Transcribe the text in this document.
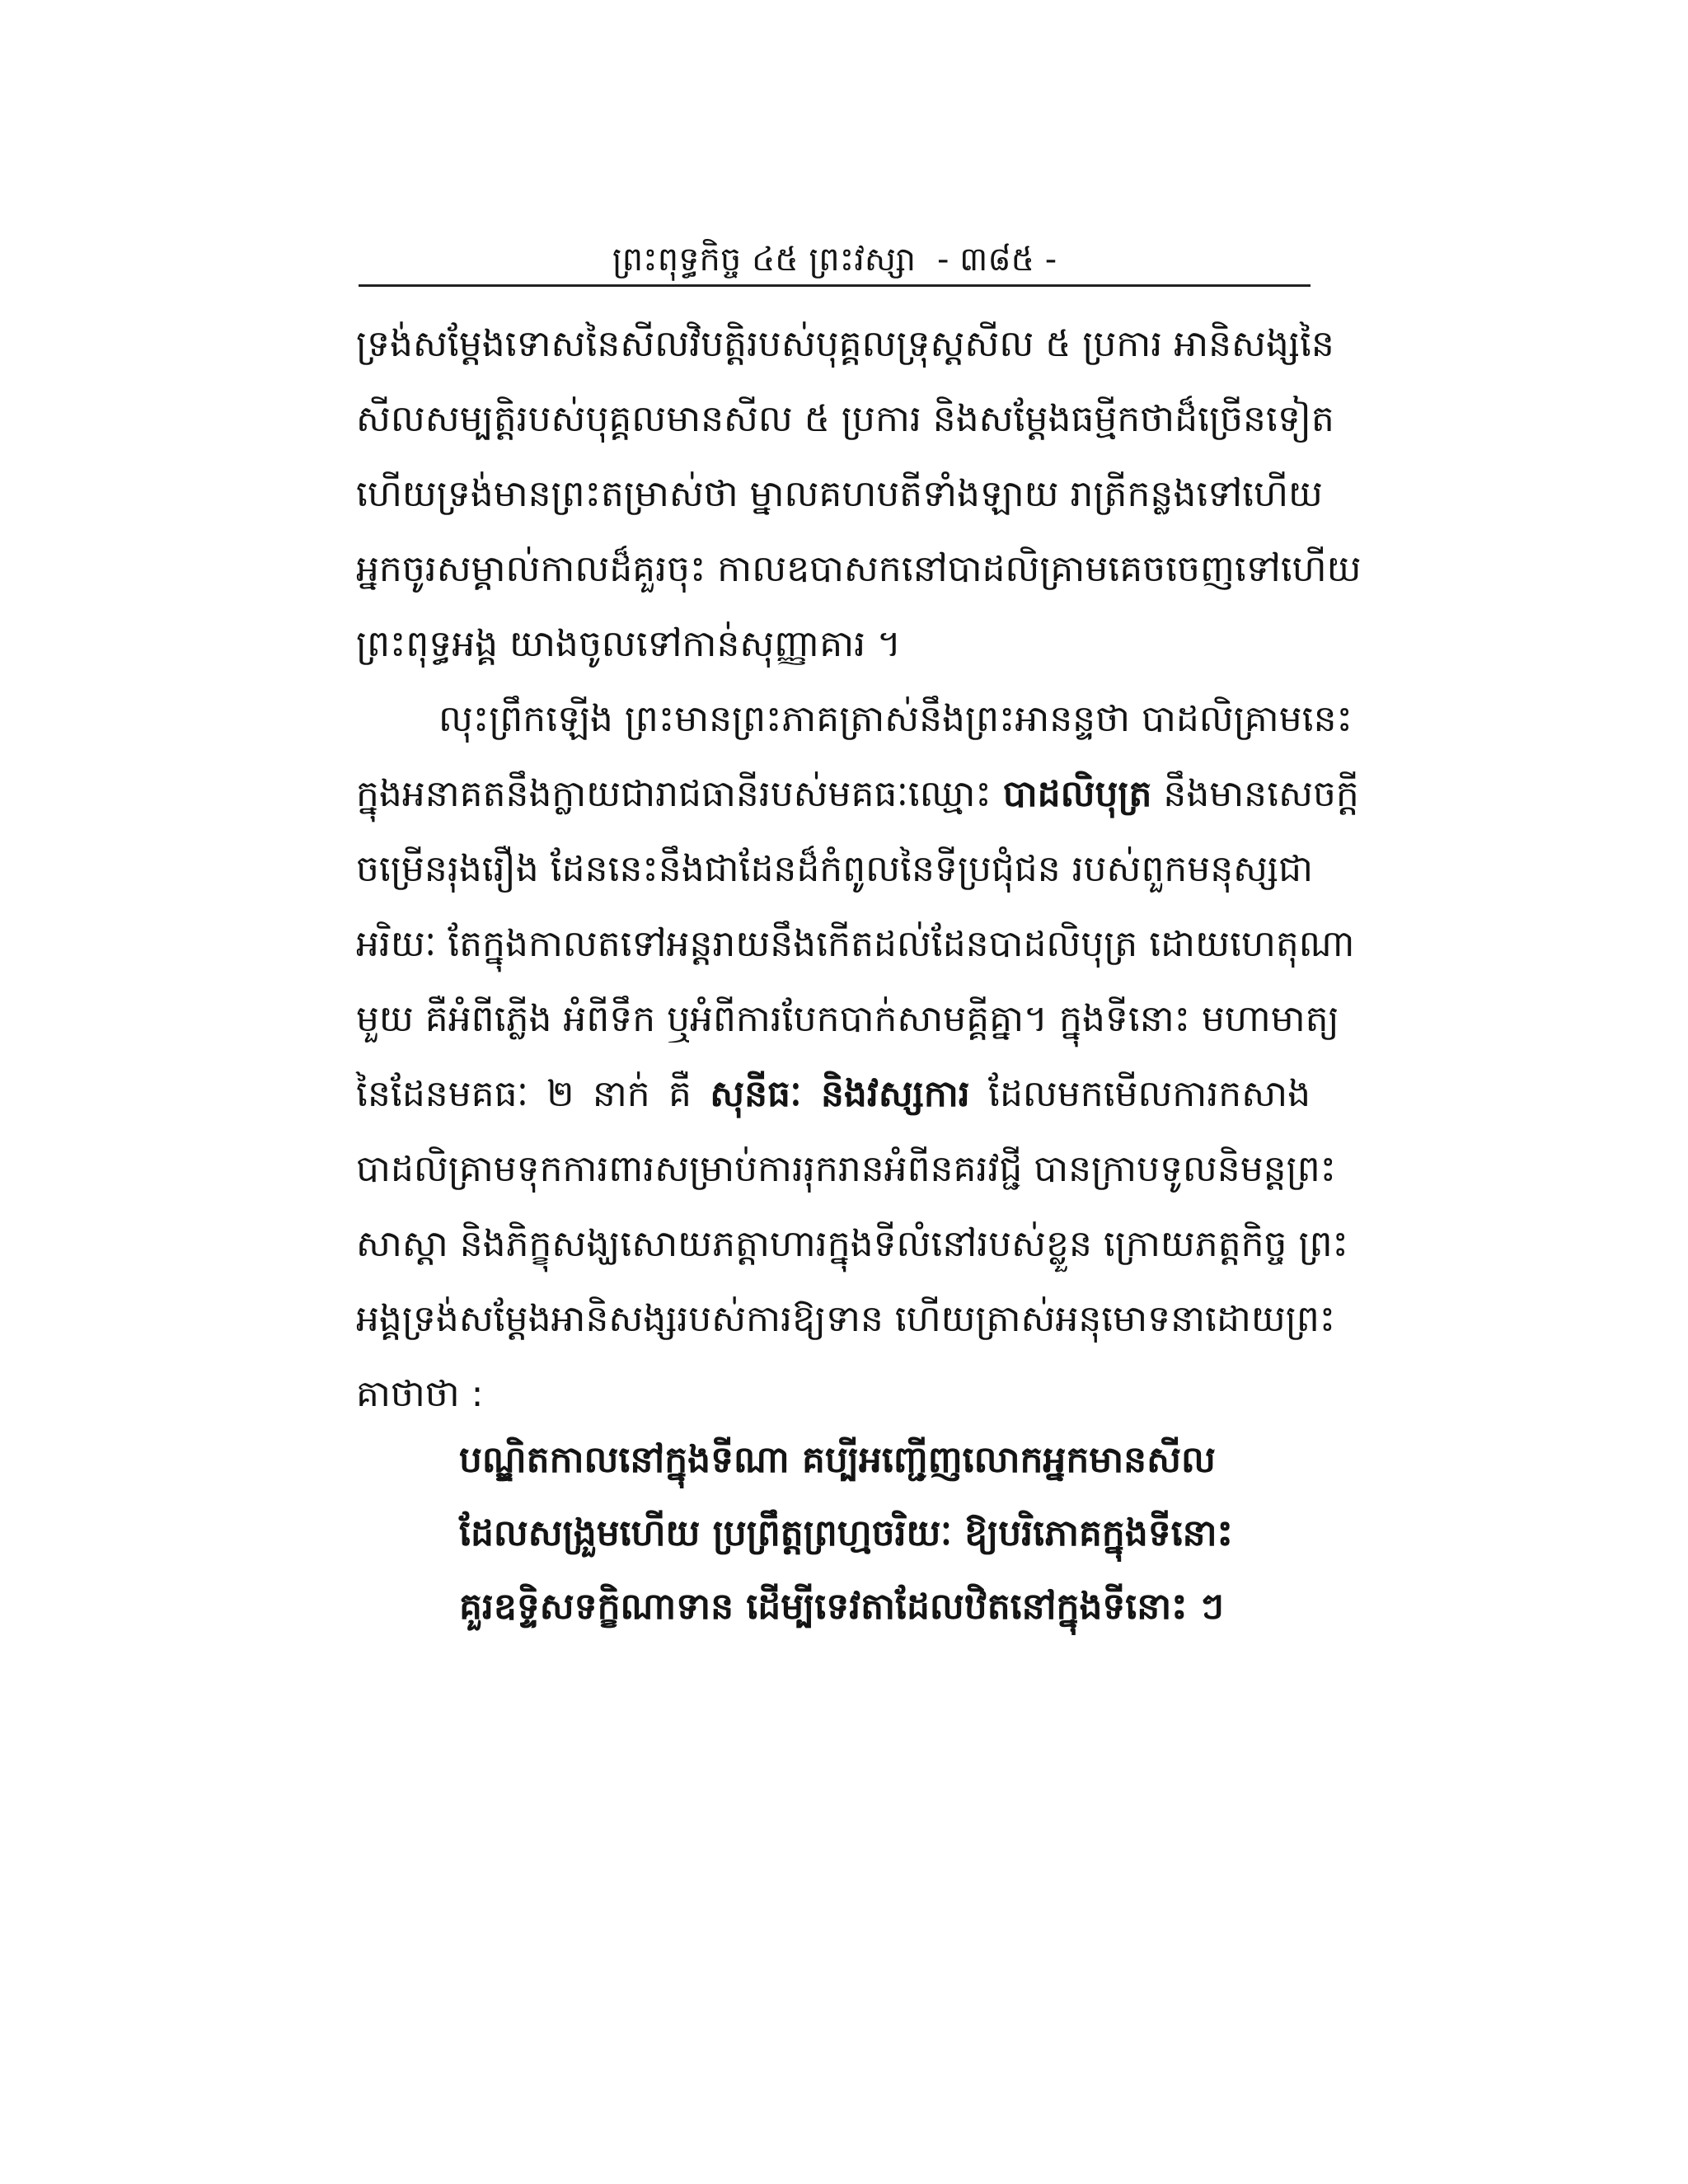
ព្រះពុទ្ធកិច្ច ៤៥ ព្រះវស្សា - ៣៨៥ -
ទ្រង់សម្ដែងទោសនៃសីលវិបត្តិរបស់បុគ្គលទ្រុស្តសីល ៥ ប្រការ អានិសង្សនៃ
សីលសម្បត្តិរបស់បុគ្គលមានសីល ៥ ប្រការ និងសម្ដែងធម្មីកថាដ៏ច្រើនទៀត
ហើយទ្រង់មានព្រះតម្រាស់ថា ម្នាលគហបតីទាំងឡាយ រាត្រីកន្លងទៅហើយ
អ្នកចូរសម្គាល់កាលដ៏គួរចុះ កាលឧបាសកនៅបាដលិគ្រាមគេចចេញទៅហើយ
ព្រះពុទ្ធអង្គ យាងចូលទៅកាន់សុញ្ញាគារ ។
លុះព្រឹកឡើង ព្រះមានព្រះភាគត្រាស់នឹងព្រះអានន្ទថា បាដលិគ្រាមនេះ
ក្នុងអនាគតនឹងក្លាយជារាជធានីរបស់មគធៈឈ្មោះ បាដលិបុត្រ នឹងមានសេចក្ដី
ចម្រើនរុងរឿង ដែននេះនឹងជាដែនដ៏កំពូលនៃទីប្រជុំជន របស់ពួកមនុស្សជា
អរិយៈ តែក្នុងកាលតទៅអន្តរាយនឹងកើតដល់ដែនបាដលិបុត្រ ដោយហេតុណា
មួយ គឺអំពីភ្លើង អំពីទឹក ឬអំពីការបែកបាក់សាមគ្គីគ្នា។ ក្នុងទីនោះ មហាមាត្យ
នៃដែនមគធៈ ២ នាក់ គឺ សុនីធៈ និងវស្សការ ដែលមកមើលការកសាង
បាដលិគ្រាមទុកការពារសម្រាប់ការរុករានអំពីនគរវជ្ជី បានក្រាបទូលនិមន្តព្រះ
សាស្ដា និងភិក្ខុសង្ឃសោយភត្តាហារក្នុងទីលំនៅរបស់ខ្លួន ក្រោយភត្តកិច្ច ព្រះ
អង្គទ្រង់សម្ដែងអានិសង្សរបស់ការឱ្យទាន ហើយត្រាស់អនុមោទនាដោយព្រះ
គាថាថា :
បណ្ឌិតកាលនៅក្នុងទីណា គប្បីអញ្ជើញលោកអ្នកមានសីល
ដែលសង្រួមហើយ ប្រព្រឹត្តព្រហ្មចរិយៈ ឱ្យបរិភោគក្នុងទីនោះ
គួរឧទ្ទិសទក្ខិណាទាន ដើម្បីទេវតាដែលឋិតនៅក្នុងទីនោះ ៗ
